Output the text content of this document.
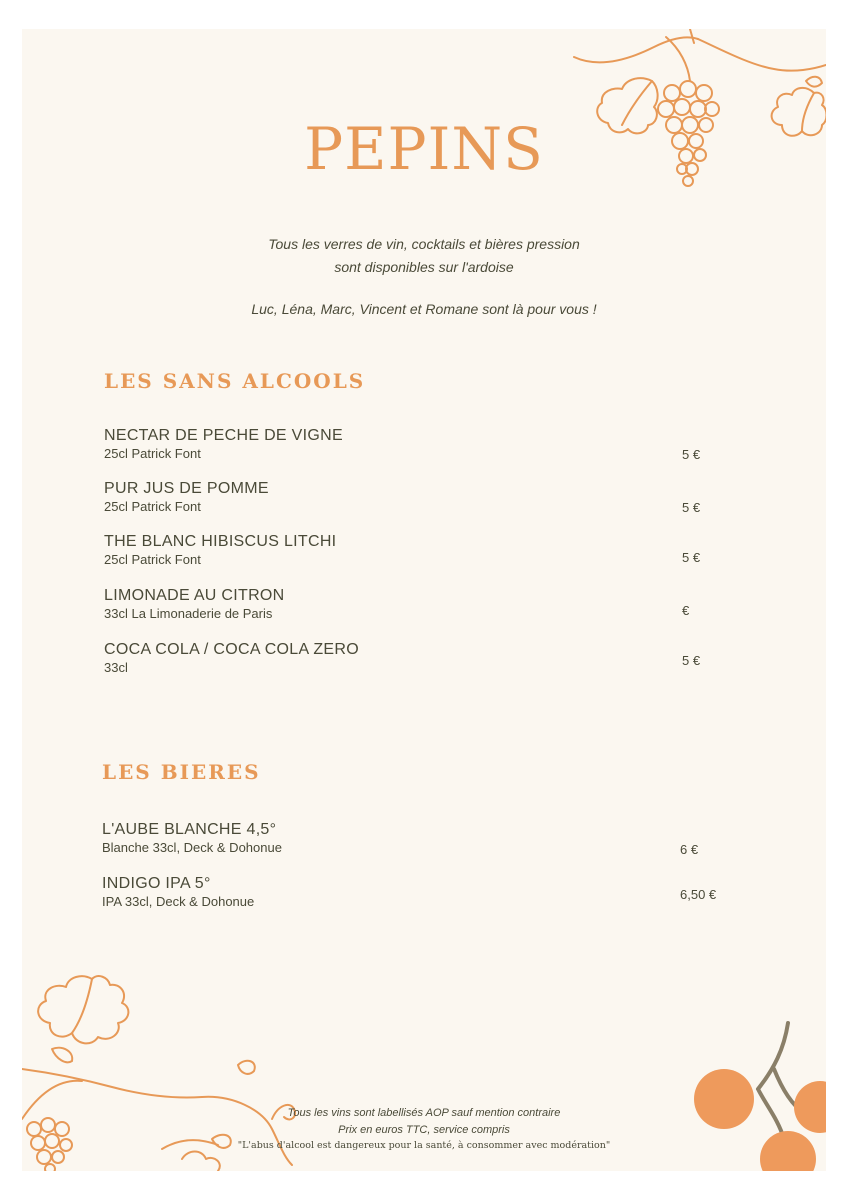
PEPINS

Tous les verres de vin, cocktails et bières pression

sont disponibles sur l'ardoise

Luc, Léna, Marc, Vincent et Romane sont là pour vous !

LES SANS ALCOOLS
NECTAR DE PECHE DE VIGNE
25cl Patrick Font	5 €
PUR JUS DE POMME
25cl Patrick Font	5 €
THE BLANC HIBISCUS LITCHI
25cl Patrick Font	5 €
LIMONADE AU CITRON
33cl La Limonaderie de Paris	€
COCA COLA / COCA COLA ZERO
33cl	5 €
LES BIERES
L'AUBE BLANCHE 4,5°
Blanche 33cl, Deck & Dohonue	6 €
INDIGO IPA 5°
IPA 33cl, Deck & Dohonue	6,50 €

Tous les vins sont labellisés AOP sauf mention contraire

Prix en euros TTC, service compris

"L'abus d'alcool est dangereux pour la santé, à consommer avec modération"
